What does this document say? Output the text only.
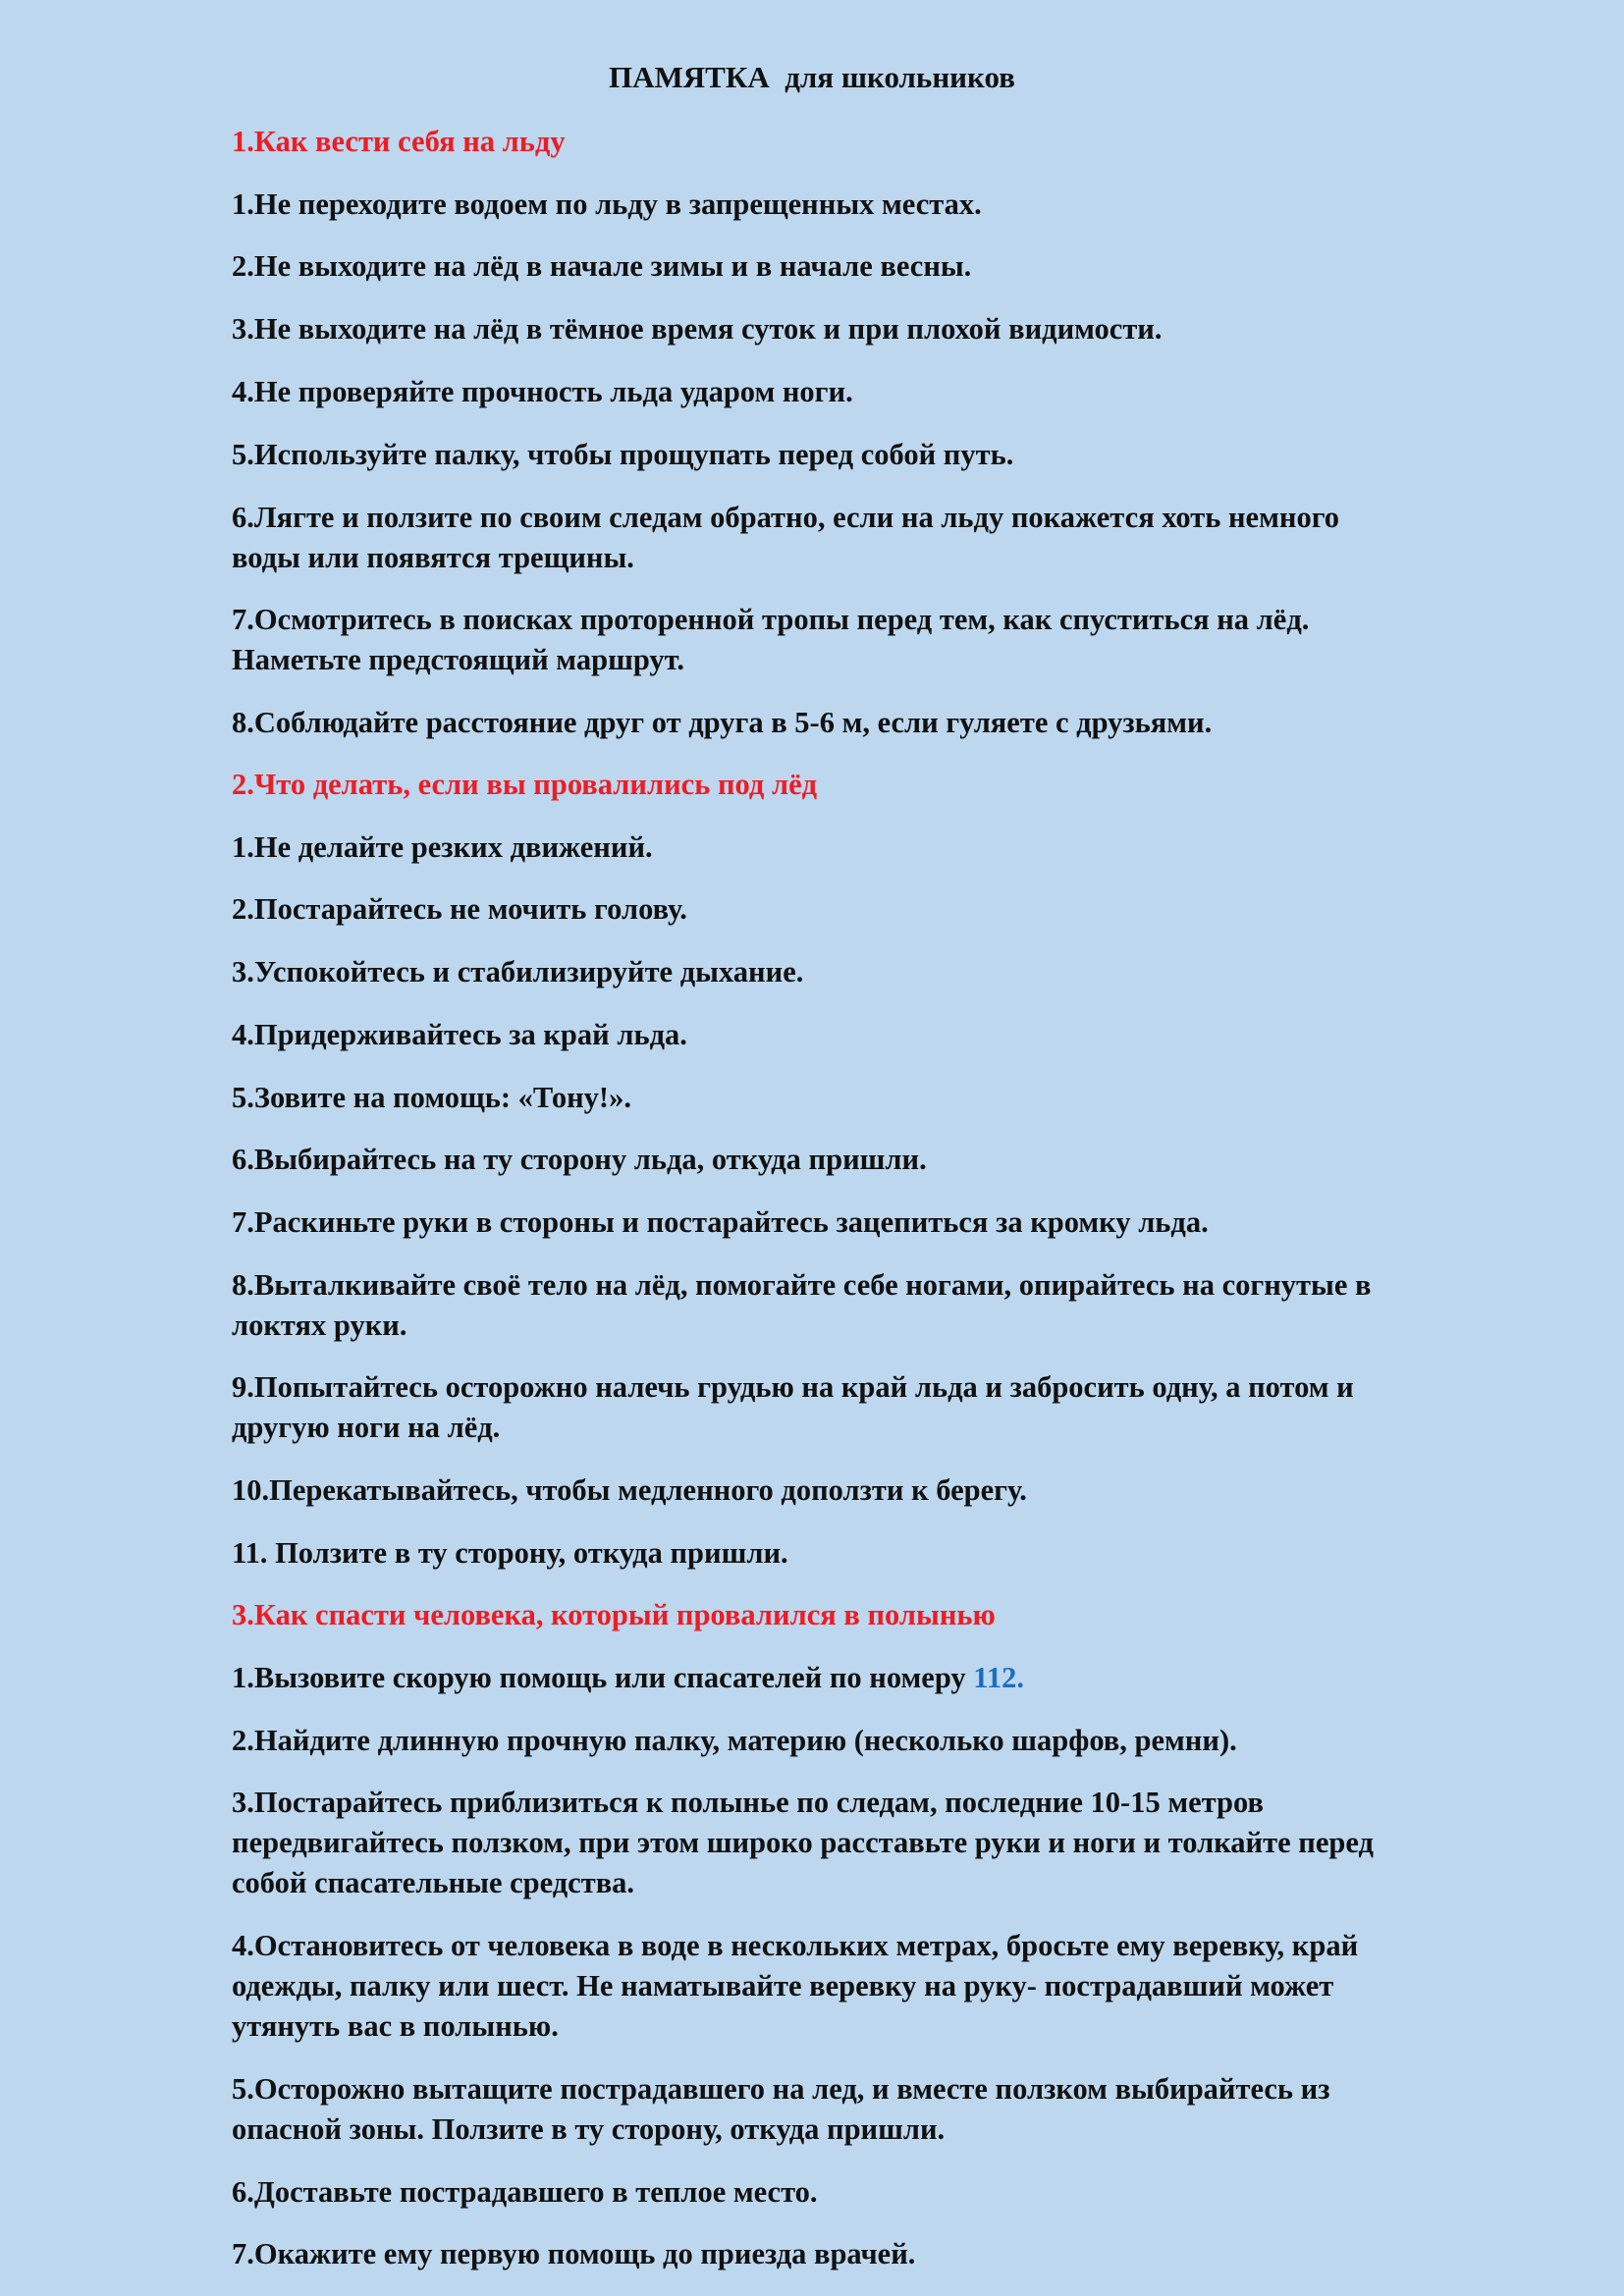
ПАМЯТКА  для школьников
1.Как вести себя на льду
1.Не переходите водоем по льду в запрещенных местах.
2.Не выходите на лёд в начале зимы и в начале весны.
3.Не выходите на лёд в тёмное время суток и при плохой видимости.
4.Не проверяйте прочность льда ударом ноги.
5.Используйте палку, чтобы прощупать перед собой путь.
6.Лягте и ползите по своим следам обратно, если на льду покажется хоть немного
воды или появятся трещины.
7.Осмотритесь в поисках проторенной тропы перед тем, как спуститься на лёд.
Наметьте предстоящий маршрут.
8.Соблюдайте расстояние друг от друга в 5-6 м, если гуляете с друзьями.
2.Что делать, если вы провалились под лёд
1.Не делайте резких движений.
2.Постарайтесь не мочить голову.
3.Успокойтесь и стабилизируйте дыхание.
4.Придерживайтесь за край льда.
5.Зовите на помощь: «Тону!».
6.Выбирайтесь на ту сторону льда, откуда пришли.
7.Раскиньте руки в стороны и постарайтесь зацепиться за кромку льда.
8.Выталкивайте своё тело на лёд, помогайте себе ногами, опирайтесь на согнутые в
локтях руки.
9.Попытайтесь осторожно налечь грудью на край льда и забросить одну, а потом и
другую ноги на лёд.
10.Перекатывайтесь, чтобы медленного доползти к берегу.
11. Ползите в ту сторону, откуда пришли.
3.Как спасти человека, который провалился в полынью
1.Вызовите скорую помощь или спасателей по номеру 112.
2.Найдите длинную прочную палку, материю (несколько шарфов, ремни).
3.Постарайтесь приблизиться к полынье по следам, последние 10-15 метров
передвигайтесь ползком, при этом широко расставьте руки и ноги и толкайте перед
собой спасательные средства.
4.Остановитесь от человека в воде в нескольких метрах, бросьте ему веревку, край
одежды, палку или шест. Не наматывайте веревку на руку- пострадавший может
утянуть вас в полынью.
5.Осторожно вытащите пострадавшего на лед, и вместе ползком выбирайтесь из
опасной зоны. Ползите в ту сторону, откуда пришли.
6.Доставьте пострадавшего в теплое место.
7.Окажите ему первую помощь до приезда врачей.
